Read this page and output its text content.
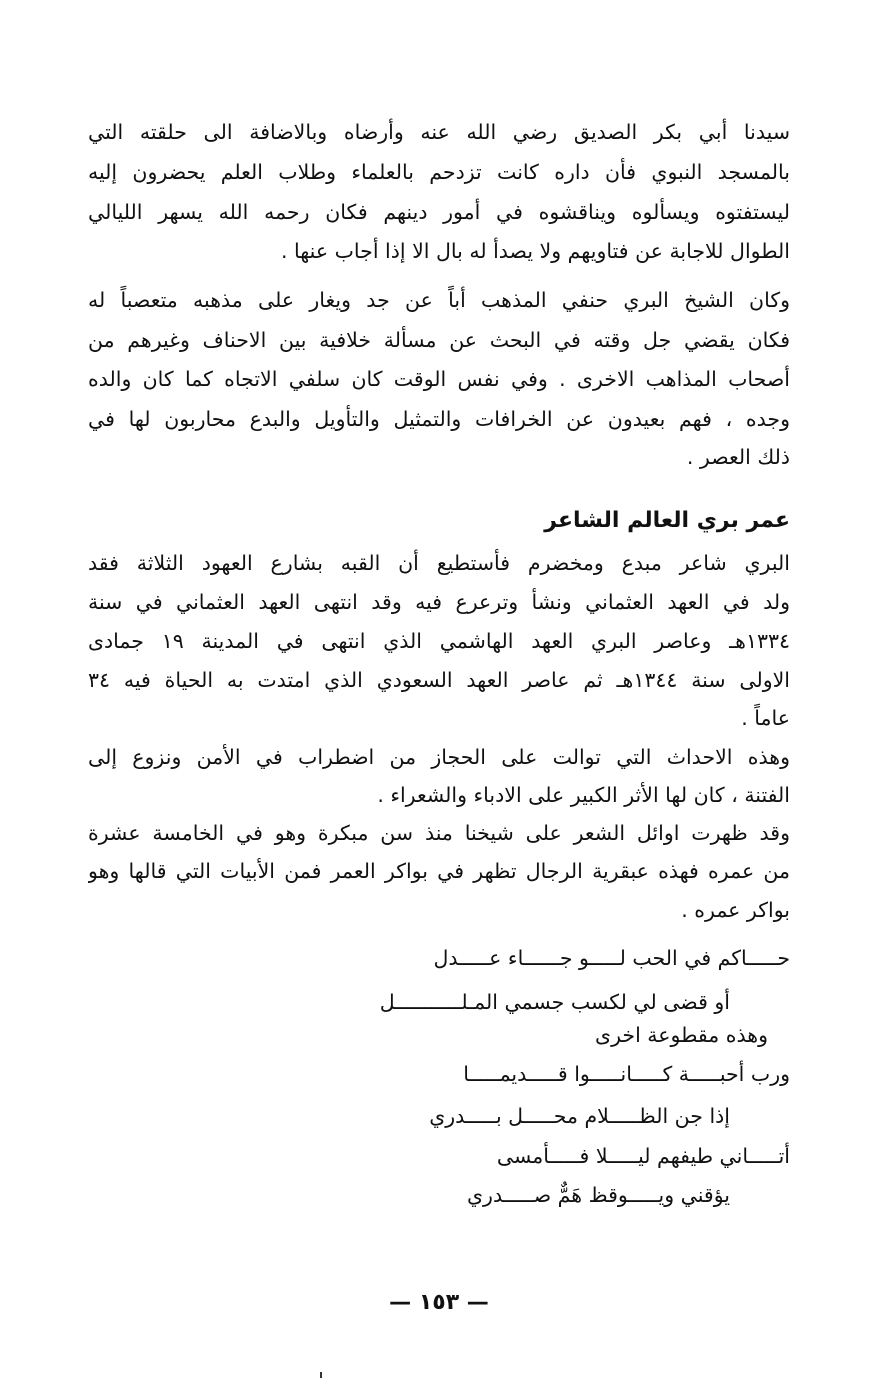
سيدنا أبي بكر الصديق رضي الله عنه وأرضاه وبالاضافة الى حلقته التي
بالمسجد النبوي فأن داره كانت تزدحم بالعلماء وطلاب العلم يحضرون إليه
ليستفتوه ويسألوه ويناقشوه في أمور دينهم فكان رحمه الله يسهر الليالي
الطوال للاجابة عن فتاويهم ولا يصدأ له بال الا إذا أجاب عنها .
وكان الشيخ البري حنفي المذهب أباً عن جد ويغار على مذهبه متعصباً له
فكان يقضي جل وقته في البحث عن مسألة خلافية بين الاحناف وغيرهم من
أصحاب المذاهب الاخرى . وفي نفس الوقت كان سلفي الاتجاه كما كان والده
وجده ، فهم بعيدون عن الخرافات والتمثيل والتأويل والبدع محاربون لها في
ذلك العصر .
عمر بري العالم الشاعر
البري شاعر مبدع ومخضرم فأستطيع أن القبه بشارع العهود الثلاثة فقد
ولد في العهد العثماني ونشأ وترعرع فيه وقد انتهى العهد العثماني في سنة
١٣٣٤هـ وعاصر البري العهد الهاشمي الذي انتهى في المدينة ١٩ جمادى
الاولى سنة ١٣٤٤هـ ثم عاصر العهد السعودي الذي امتدت به الحياة فيه ٣٤
عاماً .
وهذه الاحداث التي توالت على الحجاز من اضطراب في الأمن ونزوع إلى
الفتنة ، كان لها الأثر الكبير على الادباء والشعراء .
وقد ظهرت اوائل الشعر على شيخنا منذ سن مبكرة وهو في الخامسة عشرة
من عمره فهذه عبقرية الرجال تظهر في بواكر العمر فمن الأبيات التي قالها وهو
بواكر عمره .
حـــــاكم في الحب لـــــو جــــــاء عـــــدل
أو قضى لي لكسب جسمي المـلـــــــــــل
وهذه مقطوعة اخرى
ورب أحبـــــة كـــــانـــــوا قـــــديمـــــا
إذا جن الظـــــلام محـــــل بـــــدري
أتـــــاني طيفهم ليـــــلا فـــــأمسى
يؤقني ويـــــوقظ هَمٌّ صـــــدري
— ١٥٣ —
